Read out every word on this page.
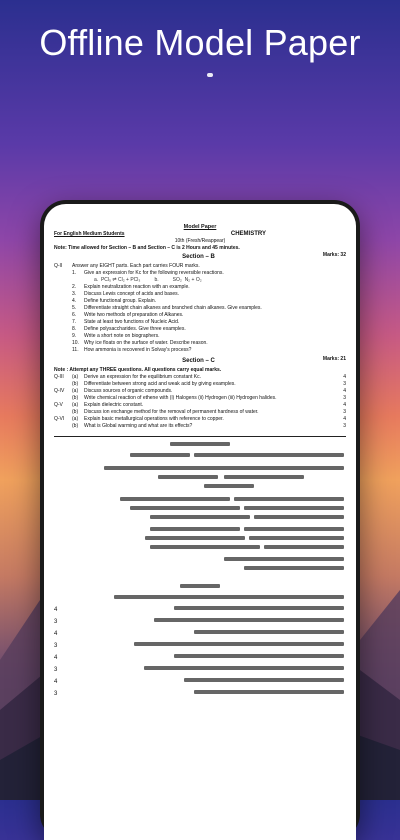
Offline Model Paper
Model Paper
For English Medium Students	CHEMISTRY
10th (Fresh/Reappear)
Note: Time allowed for Section – B and Section – C is 2 Hours and 45 minutes.
Section – B	Marks: 32
Q-II	Answer any EIGHT parts. Each part carries FOUR marks.
1.	Give an expression for Kc for the following reversible reactions.
a.  PCl₅ ⇌ Cl₂ + PCl₃	b.	SO₂  N₂ + O₂
2.	Explain neutralization reaction with an example.
3.	Discuss Lewis concept of acids and bases.
4.	Define functional group. Explain.
5.	Differentiate straight chain alkanes and branched chain alkanes. Give examples.
6.	Write two methods of preparation of Alkanes.
7.	State at least two functions of Nucleic Acid.
8.	Define polysaccharides. Give three examples.
9.	Write a short note on biographers.
10.	Why ice floats on the surface of water. Describe reason.
11.	How ammonia is recovered in Solvay's process?
Section – C	Marks: 21
Note : Attempt any THREE questions. All questions carry equal marks.
Q-III	(a)	Derive an expression for the equilibrium constant Kc.	4
(b)	Differentiate between strong acid and weak acid by giving examples.	3
Q-IV	(a)	Discuss sources of organic compounds.	4
(b)	Write chemical reaction of ethene with (i) Halogens (ii) Hydrogen (iii) Hydrogen halides.	3
Q-V	(a)	Explain dielectric constant.	4
(b)	Discuss ion exchange method for the removal of permanent hardness of water.	3
Q-VI	(a)	Explain basic metallurgical operations with reference to copper.	4
(b)	What is Global warming and what are its effects?	3

4
3
4
3
4
3
4
3
